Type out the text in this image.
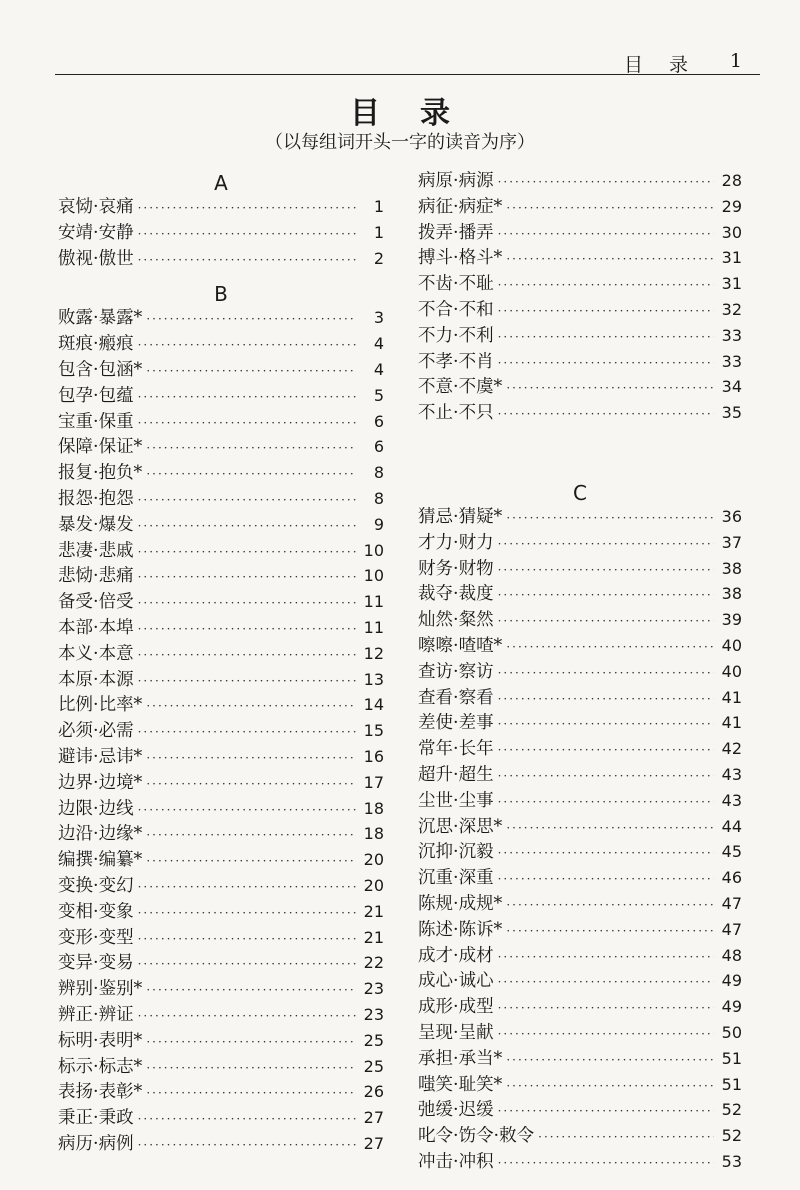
目 录 1
目录
（以每组词开头一字的读音为序）
A
哀恸·哀痛 ·····	1
安靖·安静 ·····	1
傲视·傲世 ·····	2
B
败露·暴露* ·····	3
斑痕·瘢痕 ·····	4
包含·包涵* ·····	4
包孕·包蕴 ·····	5
宝重·保重 ·····	6
保障·保证* ·····	6
报复·抱负* ·····	8
报怨·抱怨 ·····	8
暴发·爆发 ·····	9
悲凄·悲戚 ·····	10
悲恸·悲痛 ·····	10
备受·倍受 ·····	11
本部·本埠 ·····	11
本义·本意 ·····	12
本原·本源 ·····	13
比例·比率* ·····	14
必须·必需 ·····	15
避讳·忌讳* ·····	16
边界·边境* ·····	17
边限·边线 ·····	18
边沿·边缘* ·····	18
编撰·编纂* ·····	20
变换·变幻 ·····	20
变相·变象 ·····	21
变形·变型 ·····	21
变异·变易 ·····	22
辨别·鉴别* ·····	23
辨正·辨证 ·····	23
标明·表明* ·····	25
标示·标志* ·····	25
表扬·表彰* ·····	26
秉正·秉政 ·····	27
病历·病例 ·····	27
病原·病源 ·····	28
病征·病症* ·····	29
拨弄·播弄 ·····	30
搏斗·格斗* ·····	31
不齿·不耻 ·····	31
不合·不和 ·····	32
不力·不利 ·····	33
不孝·不肖 ·····	33
不意·不虞* ·····	34
不止·不只 ·····	35
C
猜忌·猜疑* ·····	36
才力·财力 ·····	37
财务·财物 ·····	38
裁夺·裁度 ·····	38
灿然·粲然 ·····	39
嚓嚓·喳喳* ·····	40
查访·察访 ·····	40
查看·察看 ·····	41
差使·差事 ·····	41
常年·长年 ·····	42
超升·超生 ·····	43
尘世·尘事 ·····	43
沉思·深思* ·····	44
沉抑·沉毅 ·····	45
沉重·深重 ·····	46
陈规·成规* ·····	47
陈述·陈诉* ·····	47
成才·成材 ·····	48
成心·诚心 ·····	49
成形·成型 ·····	49
呈现·呈献 ·····	50
承担·承当* ·····	51
嗤笑·耻笑* ·····	51
弛缓·迟缓 ·····	52
叱令·饬令·敕令 ·····	52
冲击·冲积 ·····	53
